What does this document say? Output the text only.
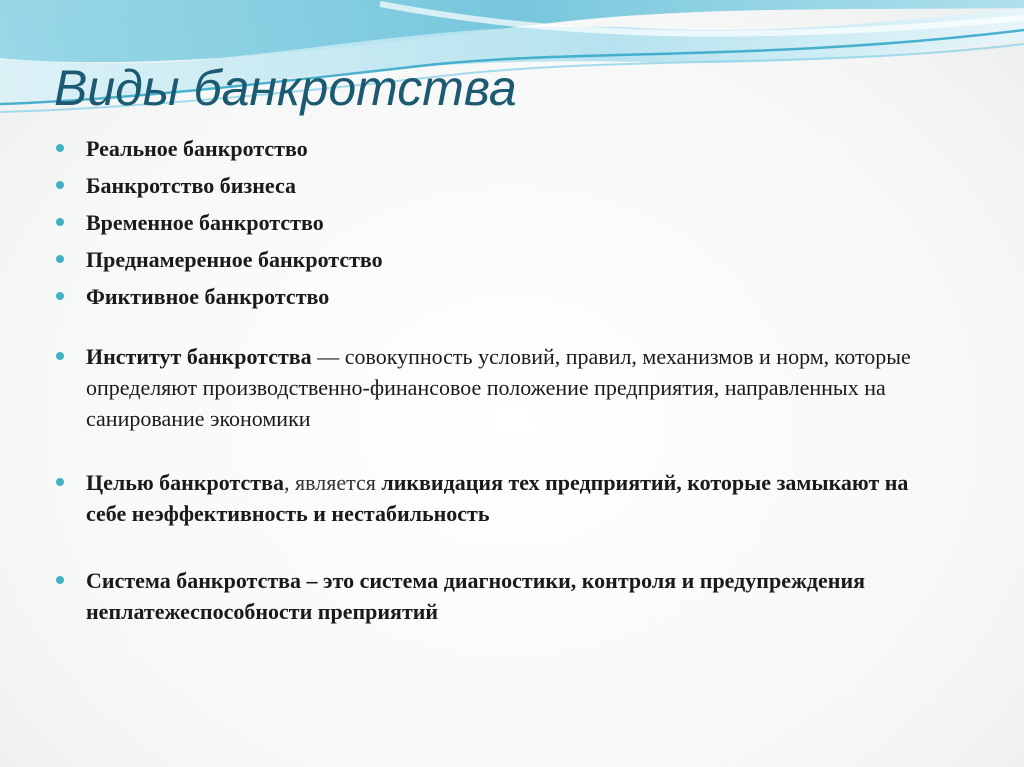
Виды банкротства
Реальное банкротство
Банкротство бизнеса
Временное банкротство
Преднамеренное банкротство
Фиктивное банкротство
Институт банкротства — совокупность условий, правил, механизмов и норм, которые определяют производственно-финансовое положение предприятия, направленных на санирование экономики
Целью банкротства, является ликвидация тех предприятий, которые замыкают на себе неэффективность и нестабильность
Система банкротства – это система диагностики, контроля и предупреждения неплатежеспособности преприятий
